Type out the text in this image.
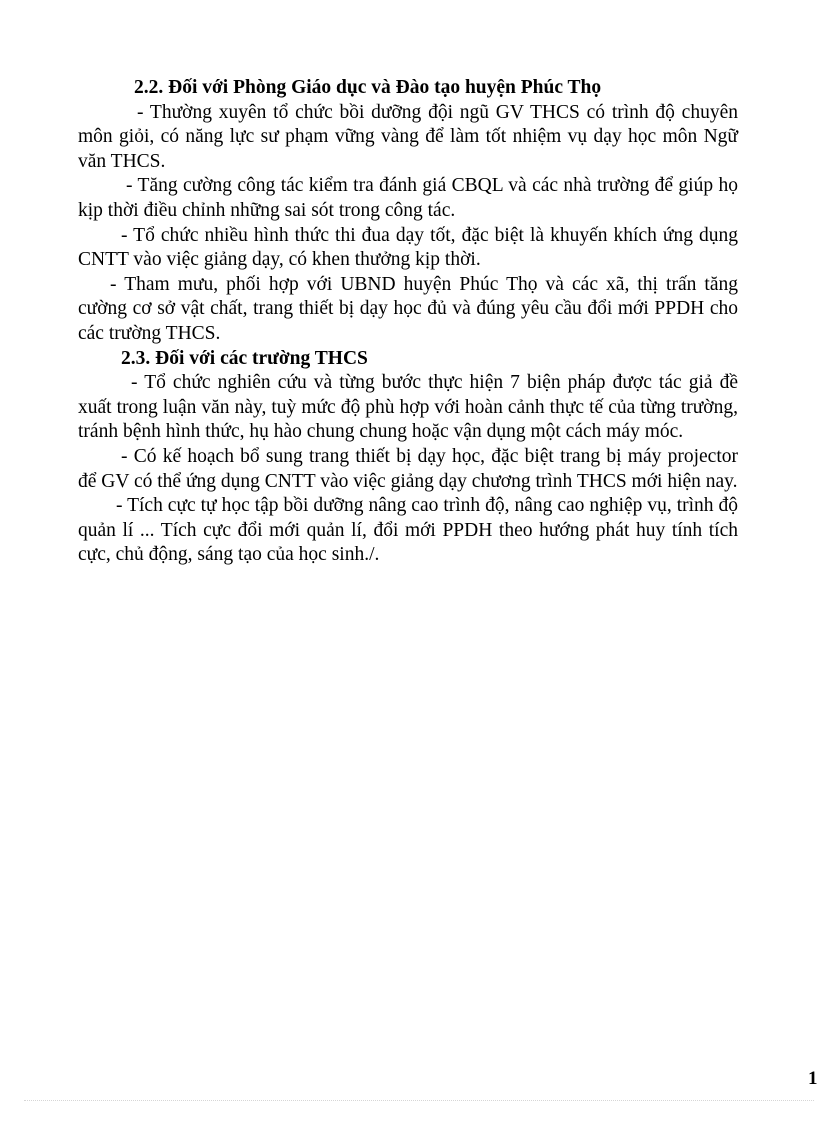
2.2. Đối với Phòng Giáo dục và Đào tạo huyện Phúc Thọ

- Thường xuyên tổ chức bồi dưỡng đội ngũ GV THCS có trình độ chuyên môn giỏi, có năng lực sư phạm vững vàng để làm tốt nhiệm vụ dạy học môn Ngữ văn THCS.

- Tăng cường công tác kiểm tra đánh giá CBQL và các nhà trường để giúp họ kịp thời điều chỉnh những sai sót trong công tác.

- Tổ chức nhiều hình thức thi đua dạy tốt, đặc biệt là khuyến khích ứng dụng CNTT vào việc giảng dạy, có khen thưởng kịp thời.

- Tham mưu, phối hợp với UBND huyện Phúc Thọ và các xã, thị trấn tăng cường cơ sở vật chất, trang thiết bị dạy học đủ và đúng yêu cầu đổi mới PPDH cho các trường THCS.

2.3. Đối với các trường THCS

- Tổ chức nghiên cứu và từng bước thực hiện 7 biện pháp được tác giả đề xuất trong luận văn này, tuỳ mức độ phù hợp với hoàn cảnh thực tế của từng trường, tránh bệnh hình thức, hụ hào chung chung hoặc vận dụng một cách máy móc.

- Có kế hoạch bổ sung trang thiết bị dạy học, đặc biệt trang bị máy projector để GV có thể ứng dụng CNTT vào việc giảng dạy chương trình THCS mới hiện nay.

- Tích cực tự học tập bồi dưỡng nâng cao trình độ, nâng cao nghiệp vụ, trình độ quản lí ... Tích cực đổi mới quản lí, đổi mới PPDH theo hướng phát huy tính tích cực, chủ động, sáng tạo của học sinh./.

1
